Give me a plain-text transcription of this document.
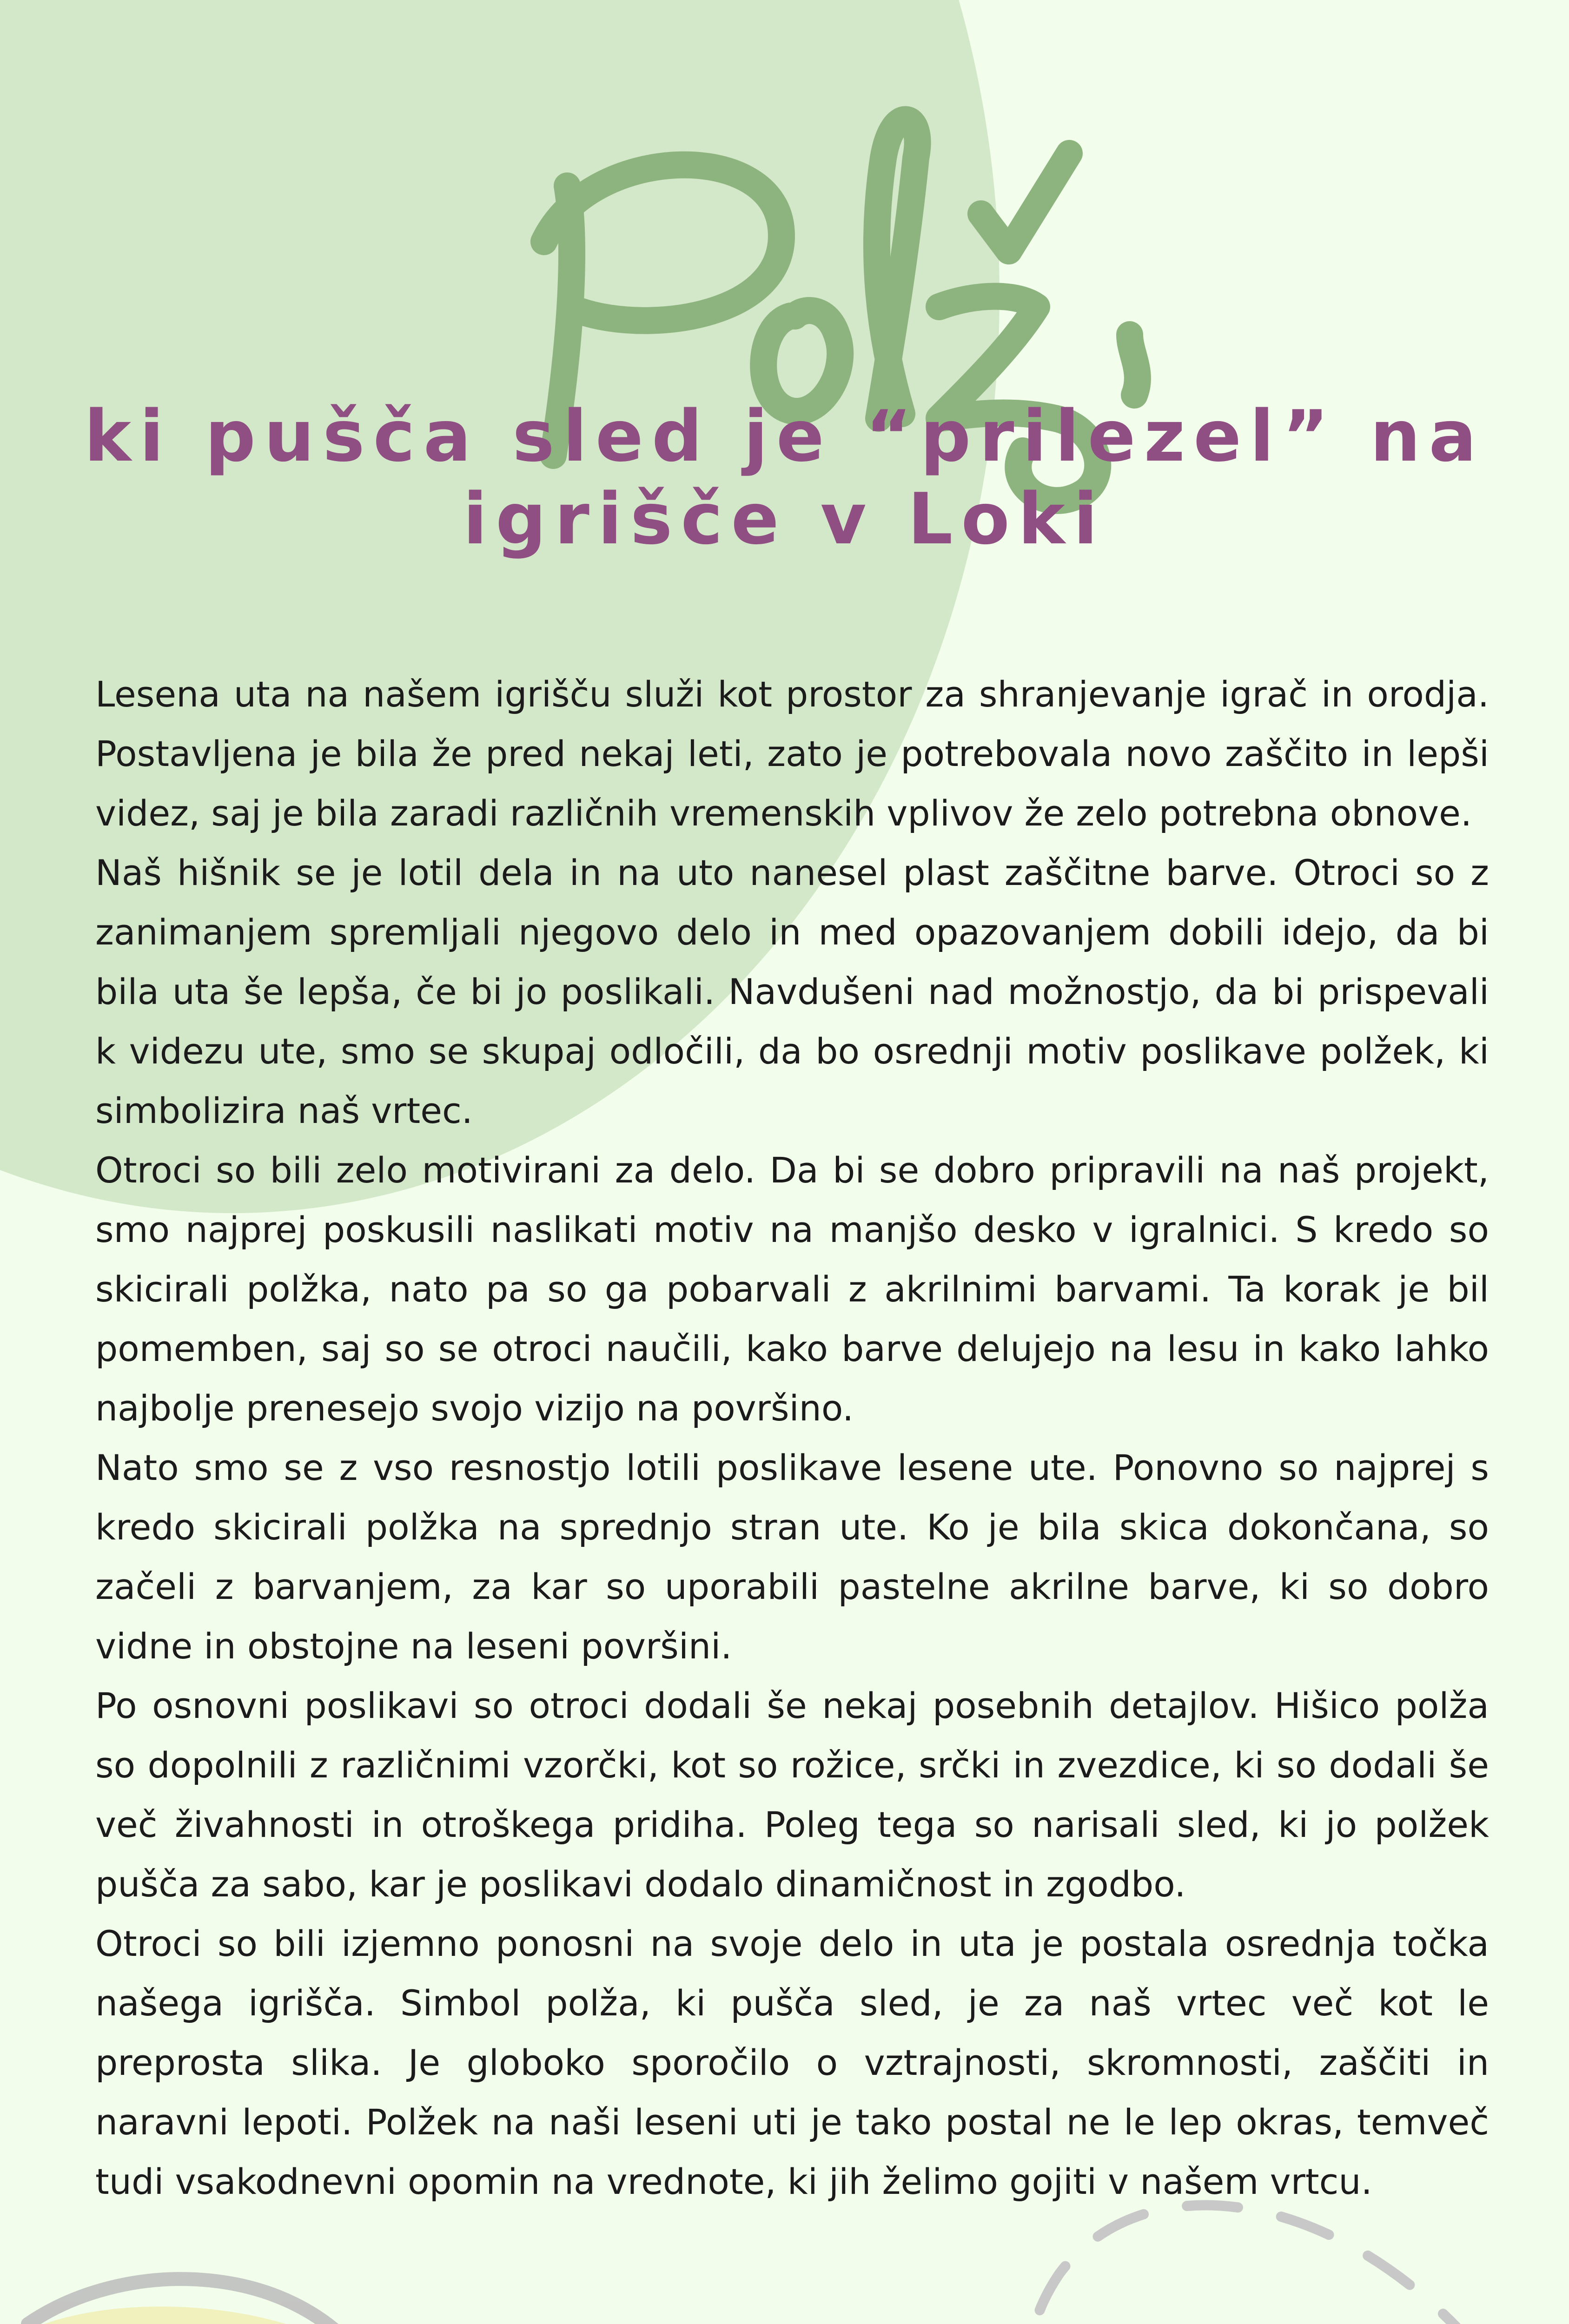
ki pušča sled je “prilezel” na igrišče v Loki

Lesena uta na našem igrišču služi kot prostor za shranjevanje igrač in orodja. Postavljena je bila že pred nekaj leti, zato je potrebovala novo zaščito in lepši videz, saj je bila zaradi različnih vremenskih vplivov že zelo potrebna obnove.

Naš hišnik se je lotil dela in na uto nanesel plast zaščitne barve. Otroci so z zanimanjem spremljali njegovo delo in med opazovanjem dobili idejo, da bi bila uta še lepša, če bi jo poslikali. Navdušeni nad možnostjo, da bi prispevali k videzu ute, smo se skupaj odločili, da bo osrednji motiv poslikave polžek, ki simbolizira naš vrtec.

Otroci so bili zelo motivirani za delo. Da bi se dobro pripravili na naš projekt, smo najprej poskusili naslikati motiv na manjšo desko v igralnici. S kredo so skicirali polžka, nato pa so ga pobarvali z akrilnimi barvami. Ta korak je bil pomemben, saj so se otroci naučili, kako barve delujejo na lesu in kako lahko najbolje prenesejo svojo vizijo na površino.

Nato smo se z vso resnostjo lotili poslikave lesene ute. Ponovno so najprej s kredo skicirali polžka na sprednjo stran ute. Ko je bila skica dokončana, so začeli z barvanjem, za kar so uporabili pastelne akrilne barve, ki so dobro vidne in obstojne na leseni površini.

Po osnovni poslikavi so otroci dodali še nekaj posebnih detajlov. Hišico polža so dopolnili z različnimi vzorčki, kot so rožice, srčki in zvezdice, ki so dodali še več živahnosti in otroškega pridiha. Poleg tega so narisali sled, ki jo polžek pušča za sabo, kar je poslikavi dodalo dinamičnost in zgodbo.

Otroci so bili izjemno ponosni na svoje delo in uta je postala osrednja točka našega igrišča. Simbol polža, ki pušča sled, je za naš vrtec več kot le preprosta slika. Je globoko sporočilo o vztrajnosti, skromnosti, zaščiti in naravni lepoti. Polžek na naši leseni uti je tako postal ne le lep okras, temveč tudi vsakodnevni opomin na vrednote, ki jih želimo gojiti v našem vrtcu.
